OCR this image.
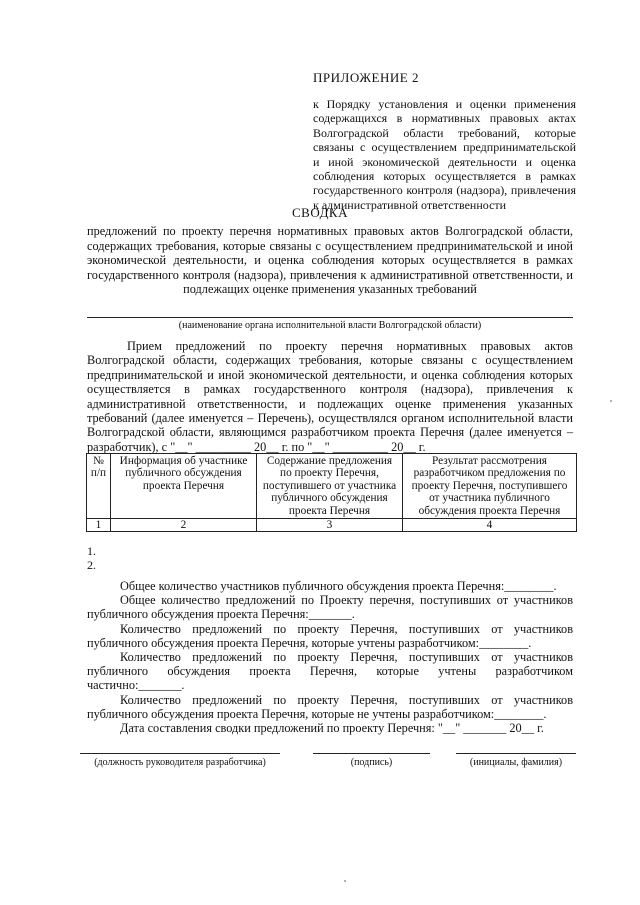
ПРИЛОЖЕНИЕ 2
к Порядку установления и оценки применения содержащихся в нормативных правовых актах Волгоградской области требований, которые связаны с осуществлением предпринимательской и иной экономической деятельности и оценка соблюдения которых осуществляется в рамках государственного контроля (надзора), привлечения к административной ответственности
СВОДКА
предложений по проекту перечня нормативных правовых актов Волгоградской области, содержащих требования, которые связаны с осуществлением предпринимательской и иной экономической деятельности, и оценка соблюдения которых осуществляется в рамках государственного контроля (надзора), привлечения к административной ответственности, и подлежащих оценке применения указанных требований
(наименование органа исполнительной власти Волгоградской области)
Прием предложений по проекту перечня нормативных правовых актов Волгоградской области, содержащих требования, которые связаны с осуществлением предпринимательской и иной экономической деятельности, и оценка соблюдения которых осуществляется в рамках государственного контроля (надзора), привлечения к административной ответственности, и подлежащих оценке применения указанных требований (далее именуется – Перечень), осуществлялся органом исполнительной власти Волгоградской области, являющимся разработчиком проекта Перечня (далее именуется – разработчик), с "__" _________ 20__ г. по "__" _________ 20__ г.
№ п/п	Информация об участнике публичного обсуждения проекта Перечня	Содержание предложения по проекту Перечня, поступившего от участника публичного обсуждения проекта Перечня	Результат рассмотрения разработчиком предложения по проекту Перечня, поступившего от участника публичного обсуждения проекта Перечня
1	2	3	4
1.
2.

Общее количество участников публичного обсуждения проекта Перечня:________.

Общее количество предложений по Проекту перечня, поступивших от участников публичного обсуждения проекта Перечня:_______.

Количество предложений по проекту Перечня, поступивших от участников публичного обсуждения проекта Перечня, которые учтены разработчиком:________.

Количество предложений по проекту Перечня, поступивших от участников публичного обсуждения проекта Перечня, которые учтены разработчиком частично:_______.

Количество предложений по проекту Перечня, поступивших от участников публичного обсуждения проекта Перечня, которые не учтены разработчиком:________.

Дата составления сводки предложений по проекту Перечня: "__" _______ 20__ г.

(должность руководителя разработчика)	(подпись)	(инициалы, фамилия)
